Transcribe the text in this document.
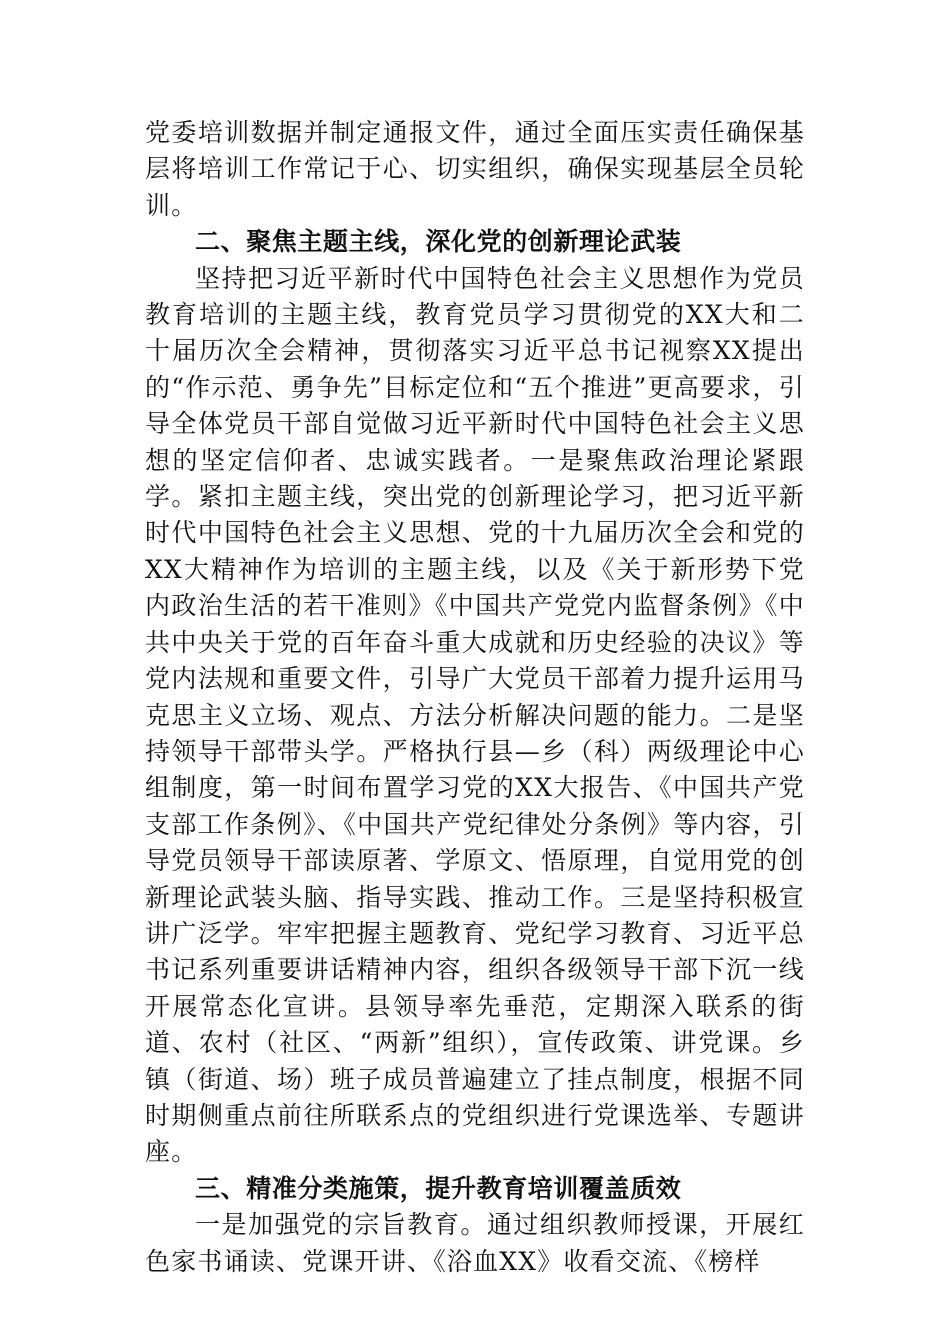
党委培训数据并制定通报文件，通过全面压实责任确保基层将培训工作常记于心、切实组织，确保实现基层全员轮训。

二、聚焦主题主线，深化党的创新理论武装

坚持把习近平新时代中国特色社会主义思想作为党员教育培训的主题主线，教育党员学习贯彻党的XX大和二十届历次全会精神，贯彻落实习近平总书记视察XX提出的“作示范、勇争先”目标定位和“五个推进”更高要求，引导全体党员干部自觉做习近平新时代中国特色社会主义思想的坚定信仰者、忠诚实践者。一是聚焦政治理论紧跟学。紧扣主题主线，突出党的创新理论学习，把习近平新时代中国特色社会主义思想、党的十九届历次全会和党的XX大精神作为培训的主题主线，以及《关于新形势下党内政治生活的若干准则》《中国共产党党内监督条例》《中共中央关于党的百年奋斗重大成就和历史经验的决议》等党内法规和重要文件，引导广大党员干部着力提升运用马克思主义立场、观点、方法分析解决问题的能力。二是坚持领导干部带头学。严格执行县—乡（科）两级理论中心组制度，第一时间布置学习党的XX大报告、《中国共产党支部工作条例》、《中国共产党纪律处分条例》等内容，引导党员领导干部读原著、学原文、悟原理，自觉用党的创新理论武装头脑、指导实践、推动工作。三是坚持积极宣讲广泛学。牢牢把握主题教育、党纪学习教育、习近平总书记系列重要讲话精神内容，组织各级领导干部下沉一线开展常态化宣讲。县领导率先垂范，定期深入联系的街道、农村（社区、“两新”组织），宣传政策、讲党课。乡镇（街道、场）班子成员普遍建立了挂点制度，根据不同时期侧重点前往所联系点的党组织进行党课选举、专题讲座。

三、精准分类施策，提升教育培训覆盖质效

一是加强党的宗旨教育。通过组织教师授课，开展红色家书诵读、党课开讲、《浴血XX》收看交流、《榜样
